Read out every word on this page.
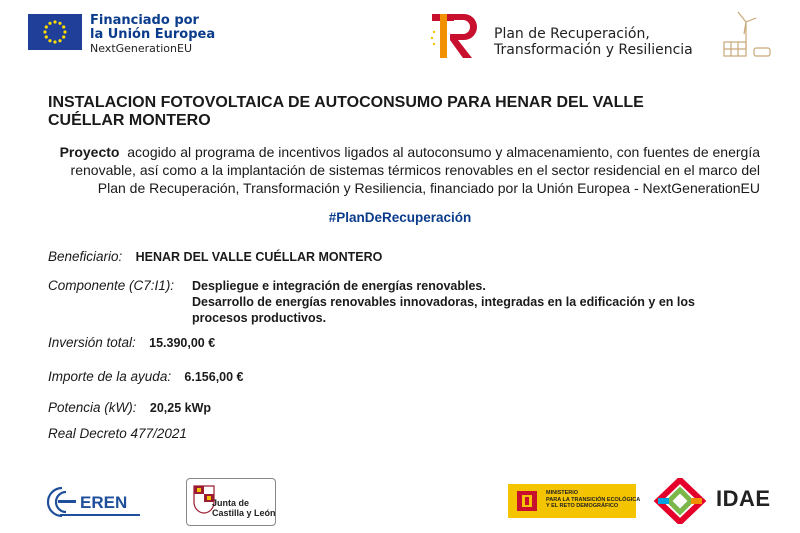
Financiado por
la Unión Europea
NextGenerationEU
Plan de Recuperación,
Transformación y Resiliencia
INSTALACION FOTOVOLTAICA DE AUTOCONSUMO PARA HENAR DEL VALLE
CUÉLLAR MONTERO
Proyecto acogido al programa de incentivos ligados al autoconsumo y almacenamiento, con fuentes de energía
renovable, así como a la implantación de sistemas térmicos renovables en el sector residencial en el marco del
Plan de Recuperación, Transformación y Resiliencia, financiado por la Unión Europea - NextGenerationEU
#PlanDeRecuperación
Beneficiario: HENAR DEL VALLE CUÉLLAR MONTERO
Componente (C7:I1): Despliegue e integración de energías renovables.
Desarrollo de energías renovables innovadoras, integradas en la edificación y en los
procesos productivos.
Inversión total: 15.390,00 €
Importe de la ayuda: 6.156,00 €
Potencia (kW): 20,25 kWp
Real Decreto 477/2021
EREN	Junta de
Castilla y León
MINISTERIO
PARA LA TRANSICIÓN ECOLÓGICA
Y EL RETO DEMOGRÁFICO	IDAE
